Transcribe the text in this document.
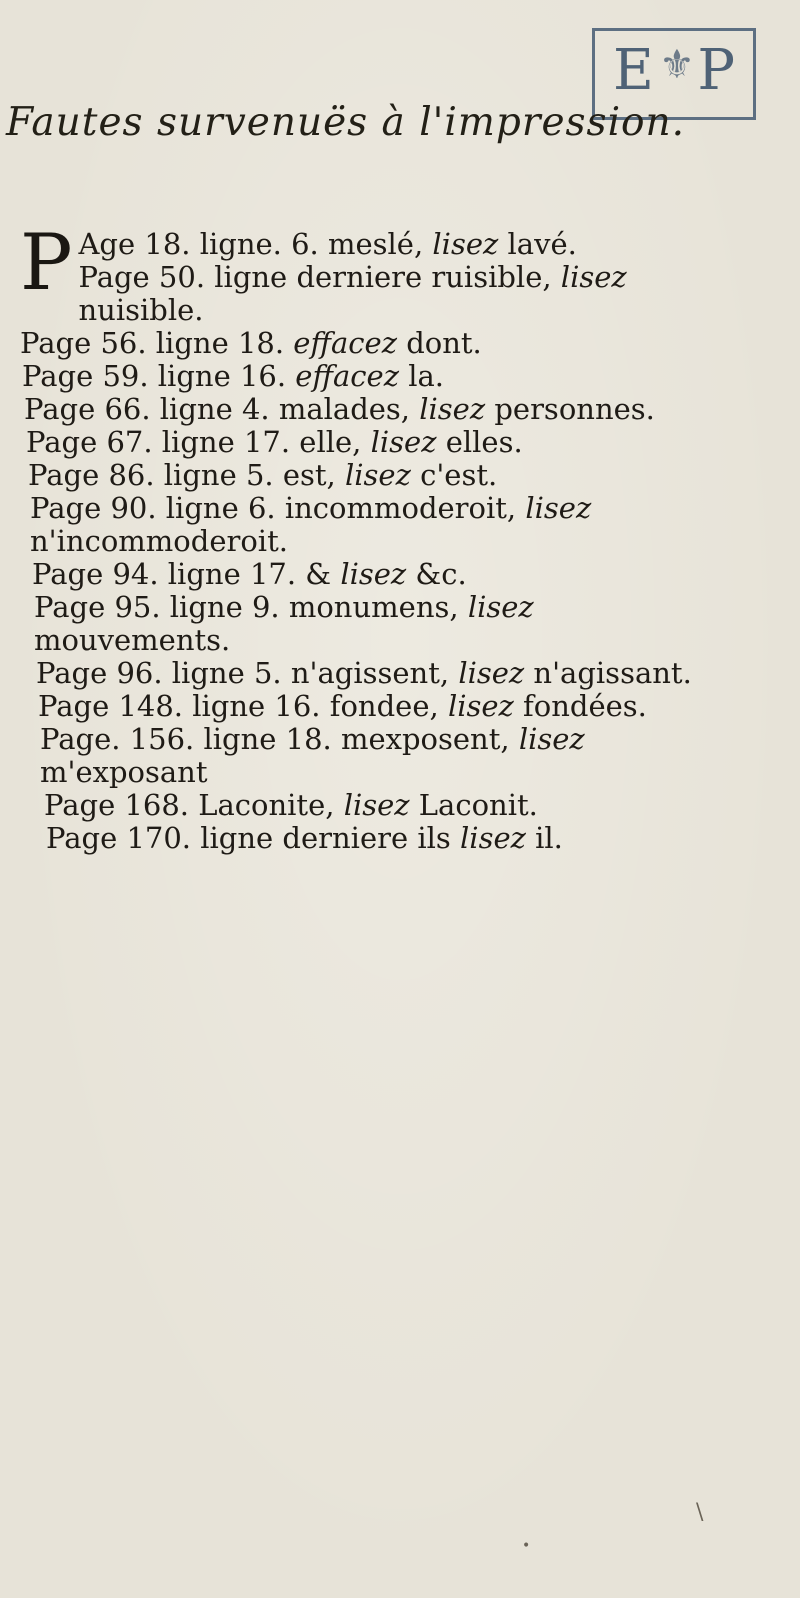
E ⚜ P
Fautes survenuës à l'impression.

P Age 18. ligne. 6. meslé, lisez lavé.

Page 50. ligne derniere ruisible, lisez nuisible.

Page 56. ligne 18. effacez dont.

Page 59. ligne 16. effacez la.

Page 66. ligne 4. malades, lisez personnes.

Page 67. ligne 17. elle, lisez elles.

Page 86. ligne 5. est, lisez c'est.

Page 90. ligne 6. incommoderoit, lisez n'incommoderoit.

Page 94. ligne 17. & lisez &c.

Page 95. ligne 9. monumens, lisez mouvements.

Page 96. ligne 5. n'agissent, lisez n'agissant.

Page 148. ligne 16. fondee, lisez fondées.

Page. 156. ligne 18. mexposent, lisez m'exposant

Page 168. Laconite, lisez Laconit.

Page 170. ligne derniere ils lisez il.

\
•
